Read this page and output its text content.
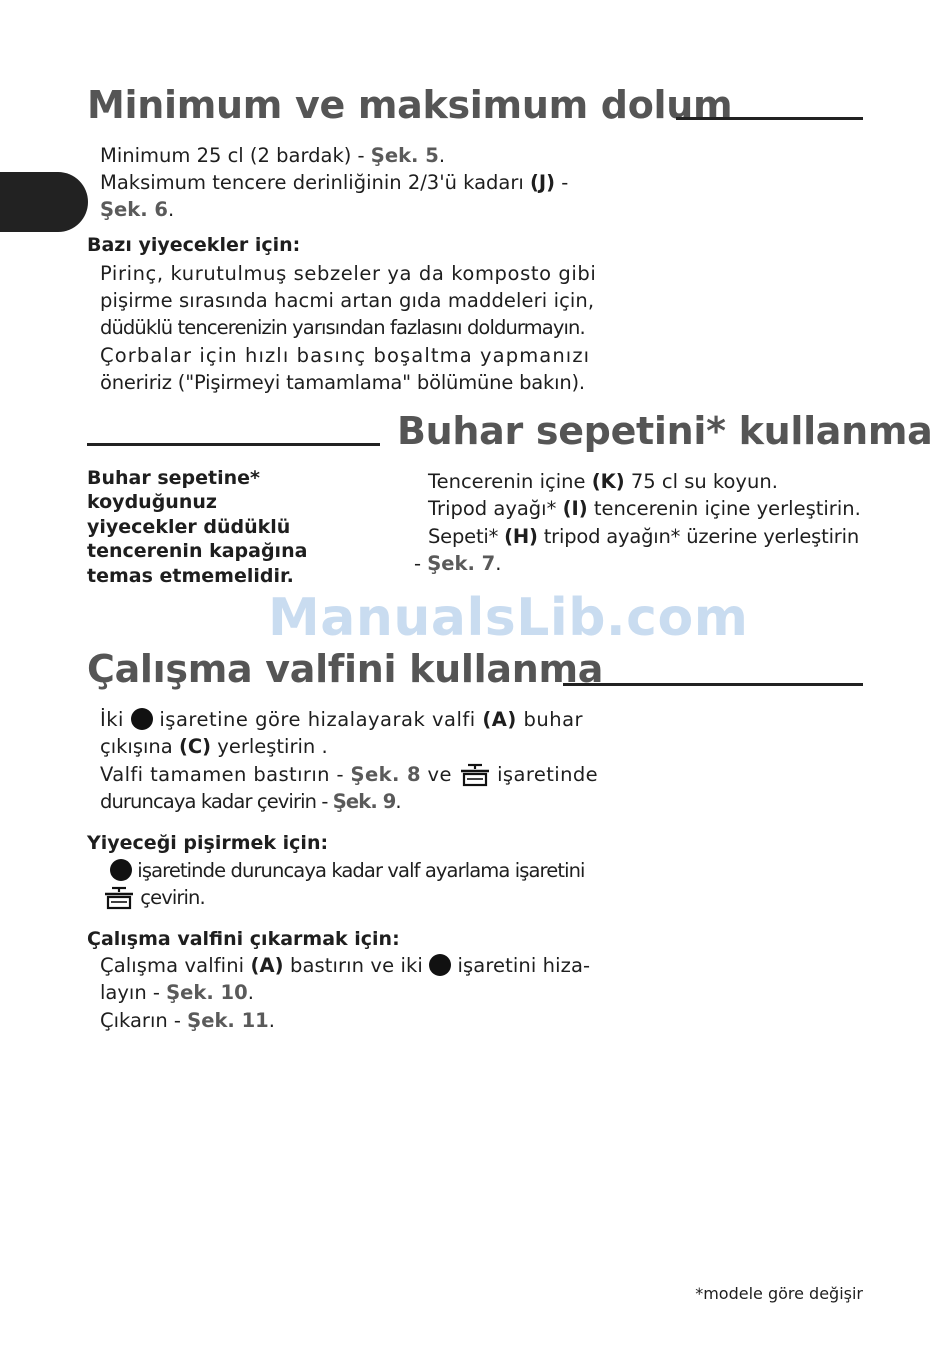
Minimum ve maksimum dolum

Minimum 25 cl (2 bardak) - Şek. 5.

Maksimum tencere derinliğinin 2/3'ü kadarı (J) -

Şek. 6.

Bazı yiyecekler için:

Pirinç, kurutulmuş sebzeler ya da komposto gibi

pişirme sırasında hacmi artan gıda maddeleri için,

düdüklü tencerenizin yarısından fazlasını doldurmayın.

Çorbalar için hızlı basınç boşaltma yapmanızı

öneririz ("Pişirmeyi tamamlama" bölümüne bakın).

Buhar sepetini* kullanma
Buhar sepetine*
koyduğunuz
yiyecekler düdüklü
tencerenin kapağına
temas etmemelidir.

Tencerenin içine (K) 75 cl su koyun.

Tripod ayağı* (I) tencerenin içine yerleştirin.

Sepeti* (H) tripod ayağın* üzerine yerleştirin

- Şek. 7.

ManualsLib.com
Çalışma valfini kullanma

İki  işaretine göre hizalayarak valfi (A) buhar

çıkışına (C) yerleştirin .

Valfi tamamen bastırın - Şek. 8 ve  işaretinde

duruncaya kadar çevirin - Şek. 9.

Yiyeceği pişirmek için:

işaretinde duruncaya kadar valf ayarlama işaretini

çevirin.

Çalışma valfini çıkarmak için:

Çalışma valfini (A) bastırın ve iki  işaretini hiza-

layın - Şek. 10.

Çıkarın - Şek. 11.

*modele göre değişir
